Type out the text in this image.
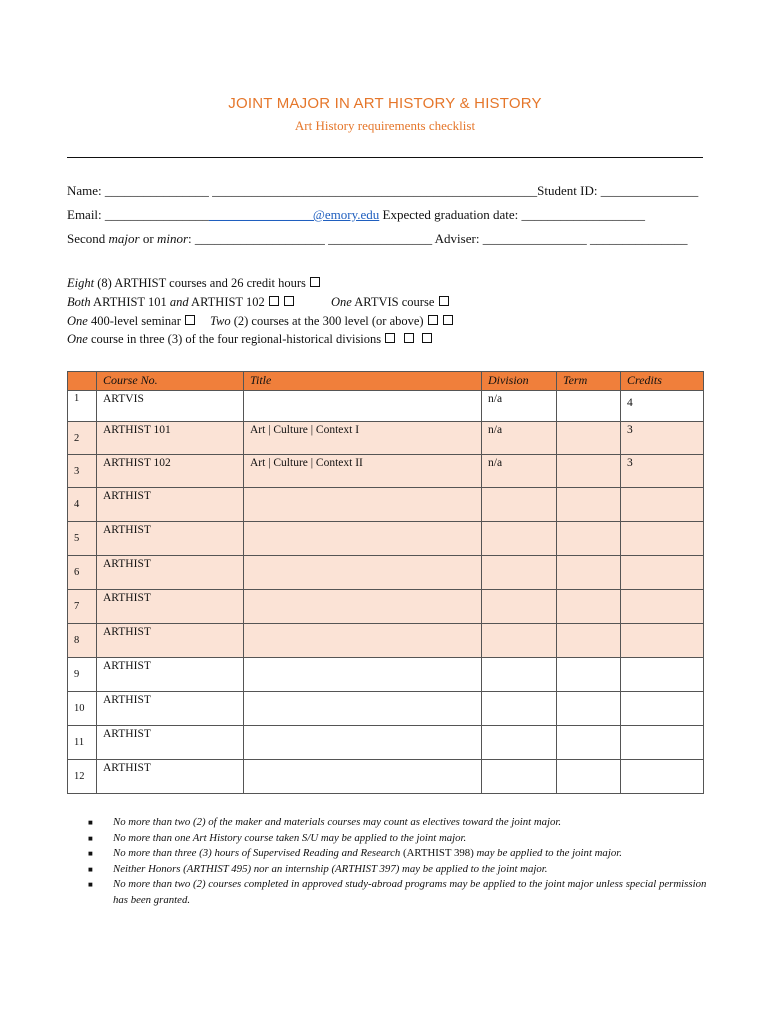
JOINT MAJOR IN ART HISTORY & HISTORY
Art History requirements checklist
Name: ________________ __________________________________________________Student ID: _______________
Email: ________________________________@emory.edu Expected graduation date: ___________________
Second major or minor: ____________________ ________________ Adviser: ________________ _______________
Eight (8) ARTHIST courses and 26 credit hours
Both ARTHIST 101 and ARTHIST 102	One ARTVIS course
One 400-level seminar Two (2) courses at the 300 level (or above)
One course in three (3) of the four regional-historical divisions
	Course No.	Title	Division	Term	Credits
1	ARTVIS		n/a		4
2	ARTHIST 101	Art | Culture | Context I	n/a		3
3	ARTHIST 102	Art | Culture | Context II	n/a		3
4	ARTHIST				
5	ARTHIST				
6	ARTHIST				
7	ARTHIST				
8	ARTHIST				
9	ARTHIST				
10	ARTHIST				
11	ARTHIST				
12	ARTHIST				
■ No more than two (2) of the maker and materials courses may count as electives toward the joint major.
■ No more than one Art History course taken S/U may be applied to the joint major.
■ No more than three (3) hours of Supervised Reading and Research (ARTHIST 398) may be applied to the joint major.
■ Neither Honors (ARTHIST 495) nor an internship (ARTHIST 397) may be applied to the joint major.
■ No more than two (2) courses completed in approved study-abroad programs may be applied to the joint major unless special permission has been granted.
